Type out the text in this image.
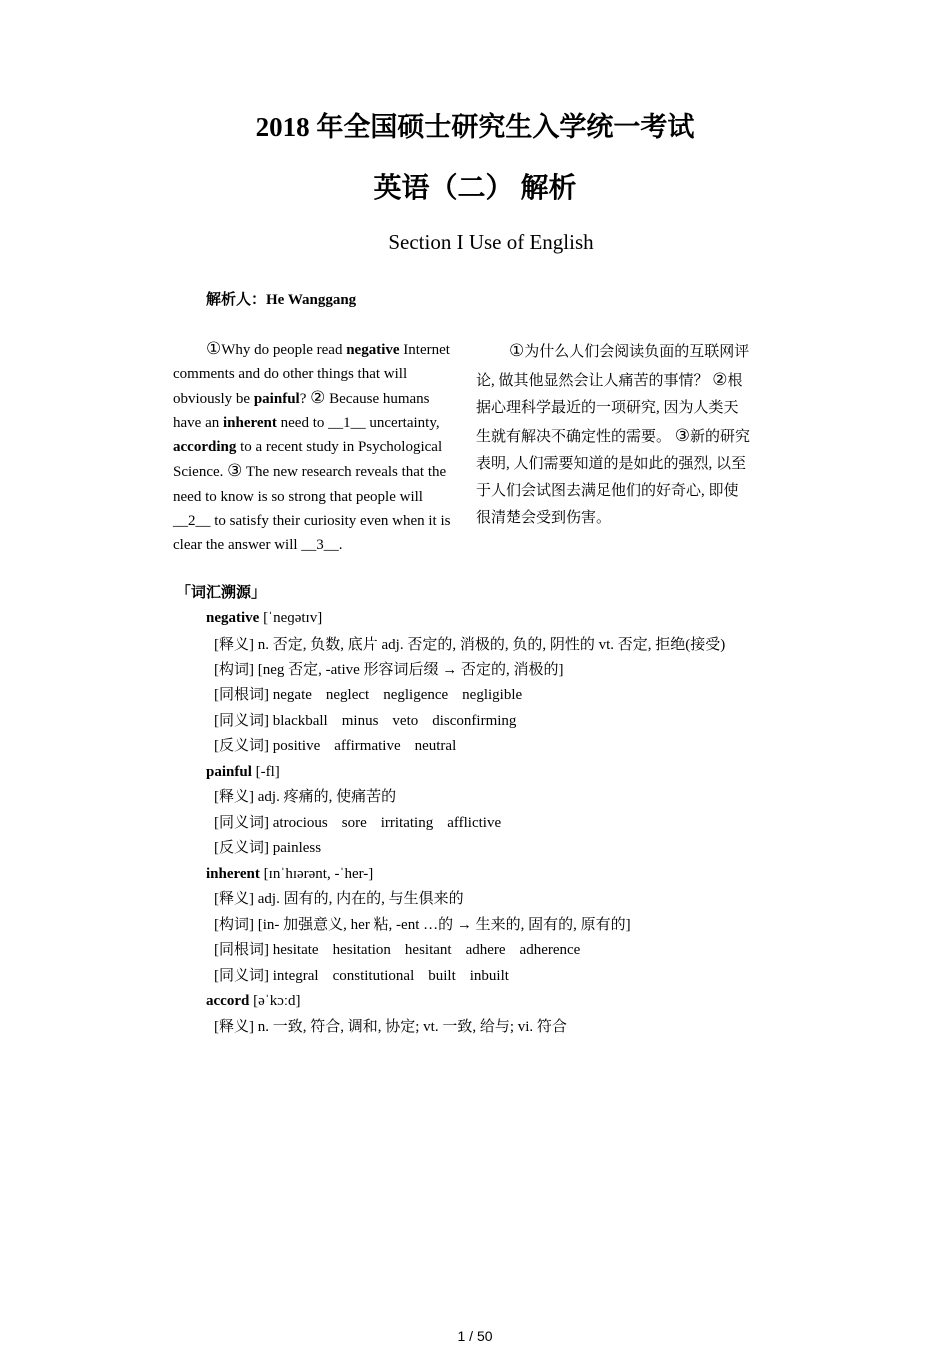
2018 年全国硕士研究生入学统一考试
英语（二） 解析
Section I Use of English
解析人：He Wanggang

①Why do people read negative Internet comments and do other things that will obviously be painful? ② Because humans have an inherent need to __1__ uncertainty, according to a recent study in Psychological Science. ③ The new research reveals that the need to know is so strong that people will __2__ to satisfy their curiosity even when it is clear the answer will __3__.

①为什么人们会阅读负面的互联网评论, 做其他显然会让人痛苦的事情？ ②根据心理科学最近的一项研究, 因为人类天生就有解决不确定性的需要。 ③新的研究表明, 人们需要知道的是如此的强烈, 以至于人们会试图去满足他们的好奇心, 即使很清楚会受到伤害。

「词汇溯源」
negative [ˈneɡətɪv]
[释义] n. 否定, 负数, 底片 adj. 否定的, 消极的, 负的, 阴性的 vt. 否定, 拒绝(接受)
[构词] [neg 否定, -ative 形容词后缀 → 否定的, 消极的]
[同根词] negate neglect negligence negligible
[同义词] blackball minus veto disconfirming
[反义词] positive affirmative neutral
painful [-fl]
[释义] adj. 疼痛的, 使痛苦的
[同义词] atrocious sore irritating afflictive
[反义词] painless
inherent [ɪnˈhɪərənt, -ˈher-]
[释义] adj. 固有的, 内在的, 与生俱来的
[构词] [in- 加强意义, her 粘, -ent …的 → 生来的, 固有的, 原有的]
[同根词] hesitate hesitation hesitant adhere adherence
[同义词] integral constitutional built inbuilt
accord [əˈkɔːd]
[释义] n. 一致, 符合, 调和, 协定; vt. 一致, 给与; vi. 符合
1 / 50
